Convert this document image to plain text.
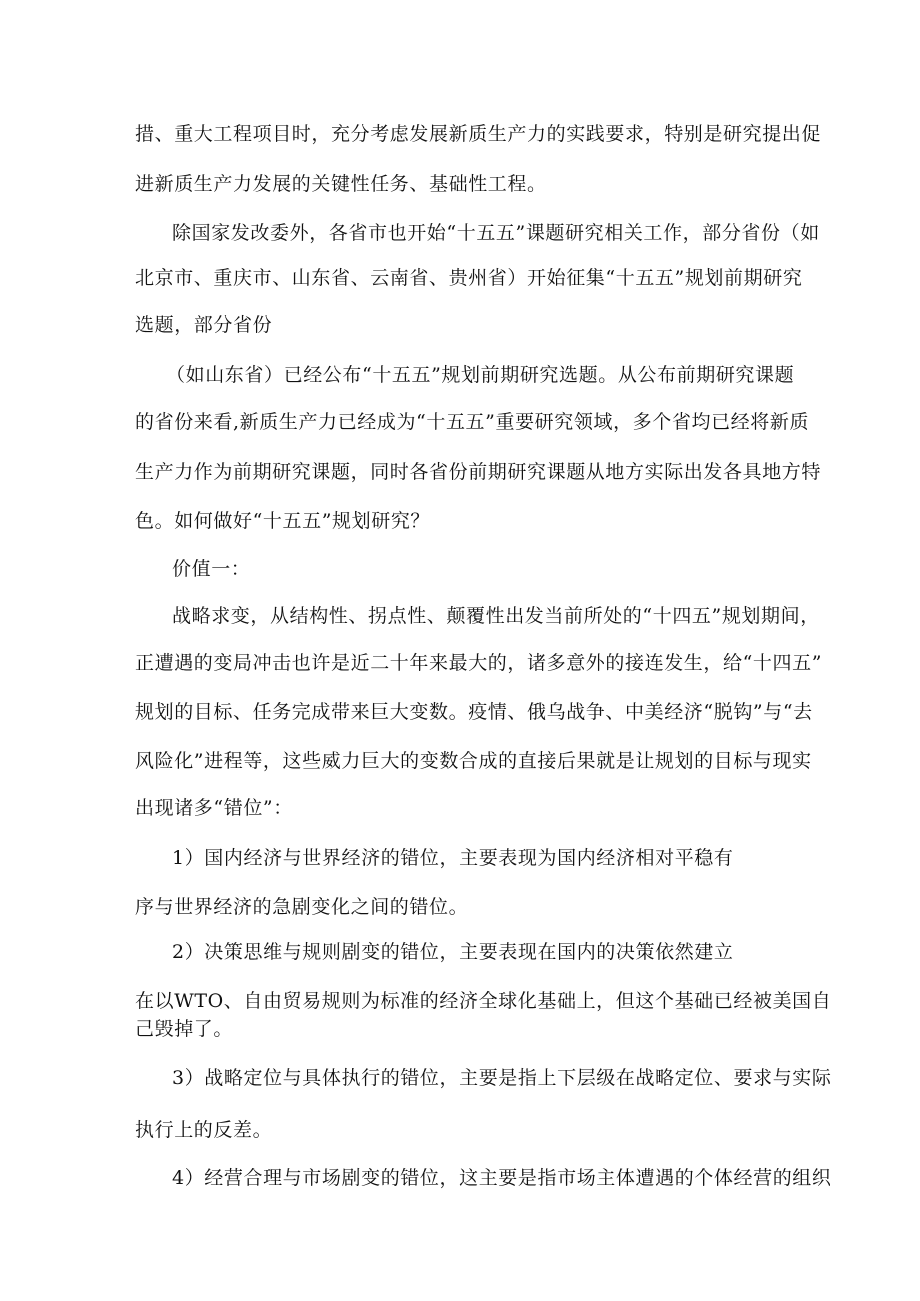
措、重大工程项目时，充分考虑发展新质生产力的实践要求，特别是研究提出促
进新质生产力发展的关键性任务、基础性工程。
除国家发改委外，各省市也开始“十五五”课题研究相关工作，部分省份（如
北京市、重庆市、山东省、云南省、贵州省）开始征集“十五五”规划前期研究
选题，部分省份
（如山东省）已经公布“十五五”规划前期研究选题。从公布前期研究课题
的省份来看,新质生产力已经成为“十五五”重要研究领域，多个省均已经将新质
生产力作为前期研究课题，同时各省份前期研究课题从地方实际出发各具地方特
色。如何做好“十五五”规划研究？
价值一：
战略求变，从结构性、拐点性、颠覆性出发当前所处的“十四五”规划期间，
正遭遇的变局冲击也许是近二十年来最大的，诸多意外的接连发生，给“十四五”
规划的目标、任务完成带来巨大变数。疫情、俄乌战争、中美经济“脱钩”与“去
风险化”进程等，这些威力巨大的变数合成的直接后果就是让规划的目标与现实
出现诸多“错位”：
1）国内经济与世界经济的错位，主要表现为国内经济相对平稳有
序与世界经济的急剧变化之间的错位。
2）决策思维与规则剧变的错位，主要表现在国内的决策依然建立
在以WTO、自由贸易规则为标准的经济全球化基础上，但这个基础已经被美国自
己毁掉了。
3）战略定位与具体执行的错位，主要是指上下层级在战略定位、要求与实际
执行上的反差。
4）经营合理与市场剧变的错位，这主要是指市场主体遭遇的个体经营的组织
